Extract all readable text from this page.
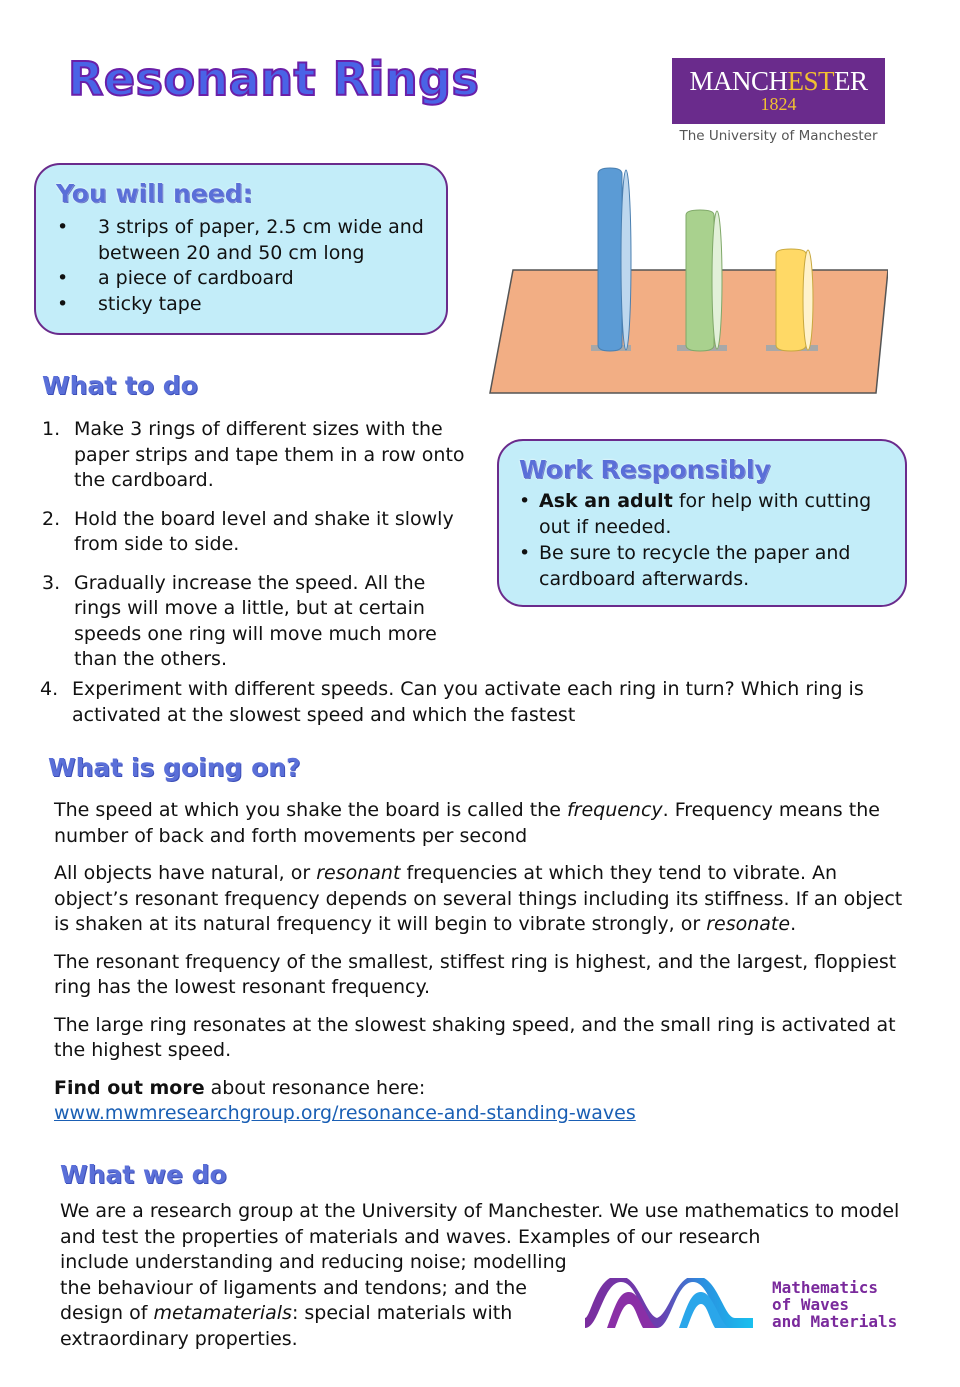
Resonant Rings	MANCHESTER
1824
The University of Manchester
You will need:
• 3 strips of paper, 2.5 cm wide and between 20 and 50 cm long
• a piece of cardboard
• sticky tape
What to do
1. Make 3 rings of different sizes with the paper strips and tape them in a row onto the cardboard.
2. Hold the board level and shake it slowly from side to side.
3. Gradually increase the speed. All the rings will move a little, but at certain speeds one ring will move much more than the others.
4. Experiment with different speeds. Can you activate each ring in turn? Which ring is activated at the slowest speed and which the fastest
Work Responsibly
• Ask an adult for help with cutting out if needed.
• Be sure to recycle the paper and cardboard afterwards.
What is going on?

The speed at which you shake the board is called the frequency. Frequency means the number of back and forth movements per second

All objects have natural, or resonant frequencies at which they tend to vibrate. An object’s resonant frequency depends on several things including its stiffness. If an object is shaken at its natural frequency it will begin to vibrate strongly, or resonate.

The resonant frequency of the smallest, stiffest ring is highest, and the largest, floppiest ring has the lowest resonant frequency.

The large ring resonates at the slowest shaking speed, and the small ring is activated at the highest speed.

Find out more about resonance here:
www.mwmresearchgroup.org/resonance-and-standing-waves

What we do
We are a research group at the University of Manchester. We use mathematics to model and test the properties of materials and waves. Examples of our research
include understanding and reducing noise; modelling
the behaviour of ligaments and tendons; and the
design of metamaterials: special materials with
extraordinary properties.
Mathematics
of Waves
and Materials
